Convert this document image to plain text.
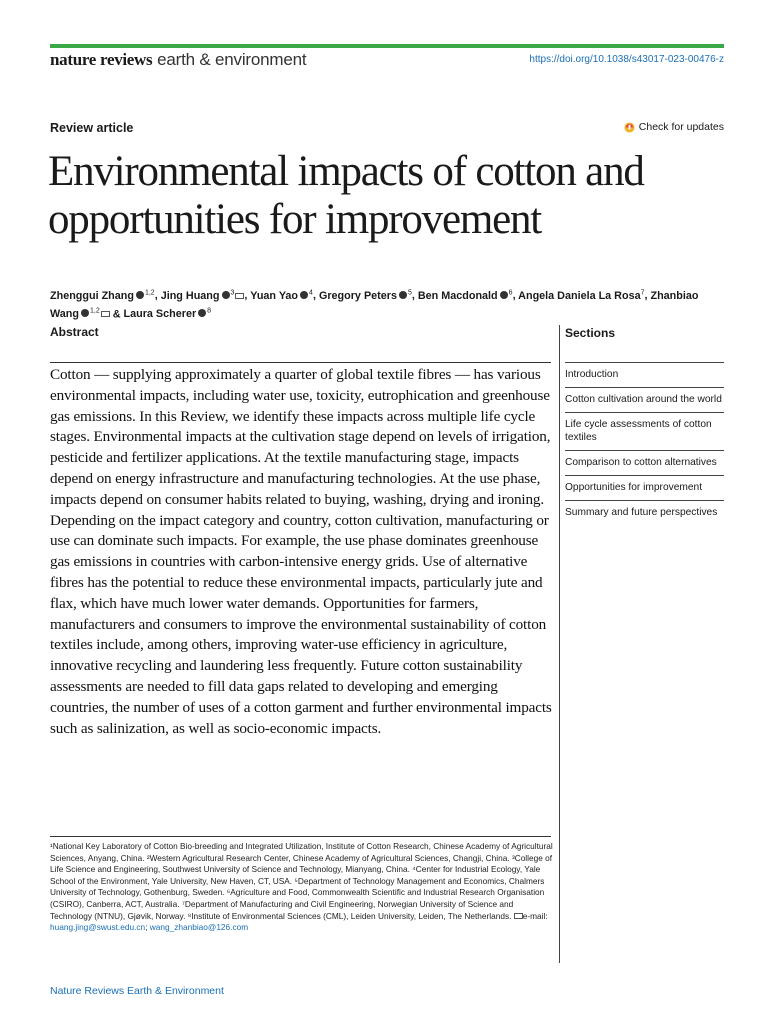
nature reviews earth & environment	https://doi.org/10.1038/s43017-023-00476-z
Review article	Check for updates
Environmental impacts of cotton and opportunities for improvement
Zhenggui Zhang $^{1,2}$, Jing Huang $^3$ , Yuan Yao $^4$, Gregory Peters $^5$, Ben Macdonald $^6$, Angela Daniela La Rosa$^7$, Zhanbiao Wang $^{1,2}$ & Laura Scherer $^8$
Abstract

Cotton — supplying approximately a quarter of global textile fibres — has various environmental impacts, including water use, toxicity, eutrophication and greenhouse gas emissions. In this Review, we identify these impacts across multiple life cycle stages. Environmental impacts at the cultivation stage depend on levels of irrigation, pesticide and fertilizer applications. At the textile manufacturing stage, impacts depend on energy infrastructure and manufacturing technologies. At the use phase, impacts depend on consumer habits related to buying, washing, drying and ironing. Depending on the impact category and country, cotton cultivation, manufacturing or use can dominate such impacts. For example, the use phase dominates greenhouse gas emissions in countries with carbon-intensive energy grids. Use of alternative fibres has the potential to reduce these environmental impacts, particularly jute and flax, which have much lower water demands. Opportunities for farmers, manufacturers and consumers to improve the environmental sustainability of cotton textiles include, among others, improving water-use efficiency in agriculture, innovative recycling and laundering less frequently. Future cotton sustainability assessments are needed to fill data gaps related to developing and emerging countries, the number of uses of a cotton garment and further environmental impacts such as salinization, as well as socio-economic impacts.

¹National Key Laboratory of Cotton Bio-breeding and Integrated Utilization, Institute of Cotton Research, Chinese Academy of Agricultural Sciences, Anyang, China. ²Western Agricultural Research Center, Chinese Academy of Agricultural Sciences, Changji, China. ³College of Life Science and Engineering, Southwest University of Science and Technology, Mianyang, China. ⁴Center for Industrial Ecology, Yale School of the Environment, Yale University, New Haven, CT, USA. ⁵Department of Technology Management and Economics, Chalmers University of Technology, Gothenburg, Sweden. ⁶Agriculture and Food, Commonwealth Scientific and Industrial Research Organisation (CSIRO), Canberra, ACT, Australia. ⁷Department of Manufacturing and Civil Engineering, Norwegian University of Science and Technology (NTNU), Gjøvik, Norway. ⁸Institute of Environmental Sciences (CML), Leiden University, Leiden, The Netherlands. e-mail: huang.jing@swust.edu.cn; wang_zhanbiao@126.com

Sections
Introduction
Cotton cultivation around the world
Life cycle assessments of cotton textiles
Comparison to cotton alternatives
Opportunities for improvement
Summary and future perspectives
Nature Reviews Earth & Environment
